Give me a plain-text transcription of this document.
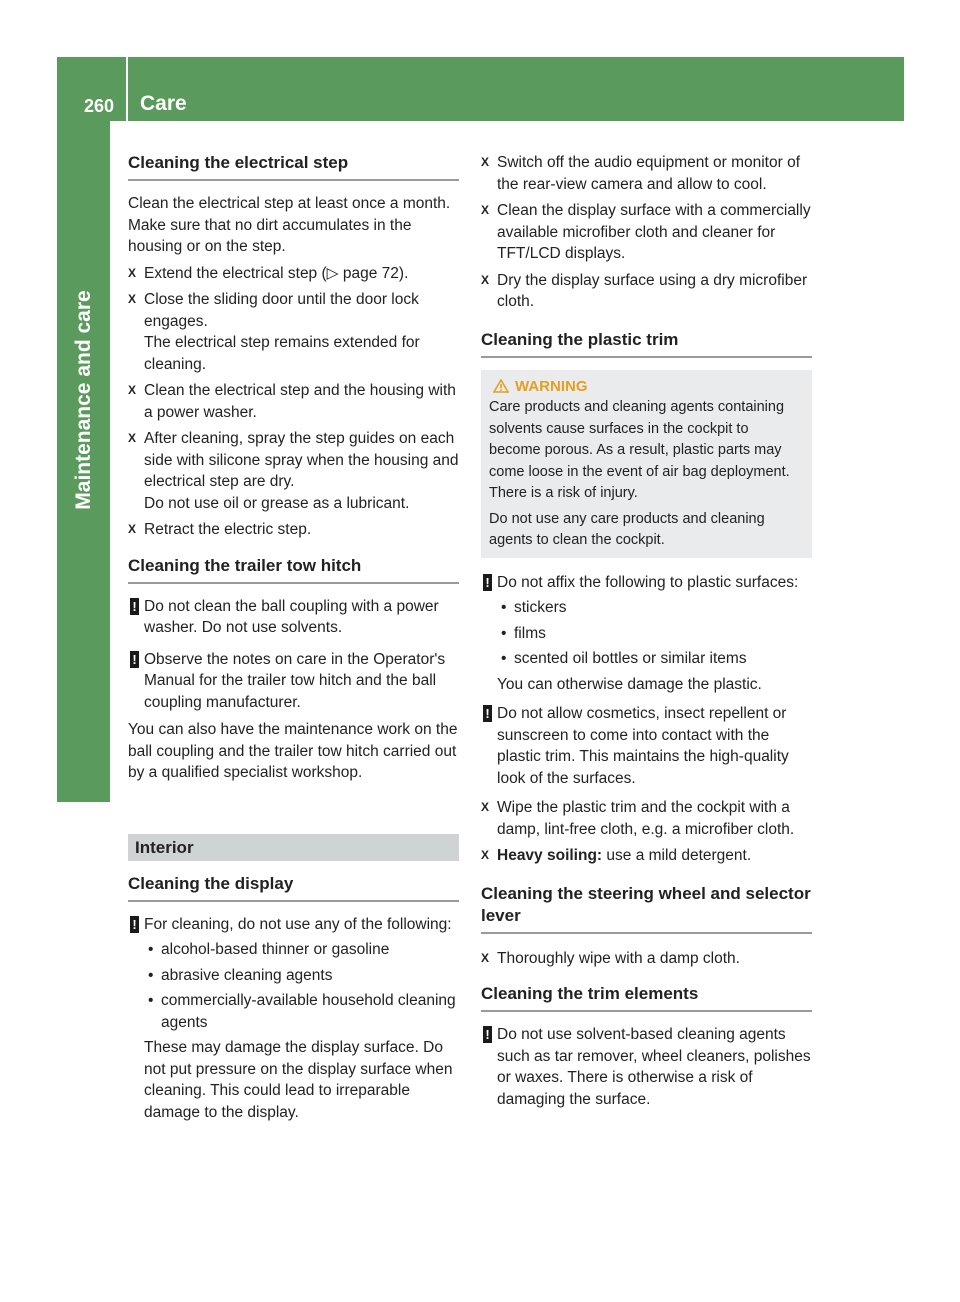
260 Care
Maintenance and care
Cleaning the electrical step

Clean the electrical step at least once a month. Make sure that no dirt accumulates in the housing or on the step.

X Extend the electrical step (▷ page 72).
X Close the sliding door until the door lock engages.
The electrical step remains extended for cleaning.
X Clean the electrical step and the housing with a power washer.
X After cleaning, spray the step guides on each side with silicone spray when the housing and electrical step are dry.
Do not use oil or grease as a lubricant.
X Retract the electric step.
Cleaning the trailer tow hitch
! Do not clean the ball coupling with a power washer. Do not use solvents.
! Observe the notes on care in the Operator's Manual for the trailer tow hitch and the ball coupling manufacturer.

You can also have the maintenance work on the ball coupling and the trailer tow hitch carried out by a qualified specialist workshop.

Interior
Cleaning the display
! For cleaning, do not use any of the following:
• alcohol-based thinner or gasoline
• abrasive cleaning agents
• commercially-available household cleaning agents
These may damage the display surface. Do not put pressure on the display surface when cleaning. This could lead to irreparable damage to the display.
X Switch off the audio equipment or monitor of the rear-view camera and allow to cool.
X Clean the display surface with a commercially available microfiber cloth and cleaner for TFT/LCD displays.
X Dry the display surface using a dry microfiber cloth.
Cleaning the plastic trim
WARNING
Care products and cleaning agents containing solvents cause surfaces in the cockpit to become porous. As a result, plastic parts may come loose in the event of air bag deployment. There is a risk of injury.
Do not use any care products and cleaning agents to clean the cockpit.
! Do not affix the following to plastic surfaces:
• stickers
• films
• scented oil bottles or similar items
You can otherwise damage the plastic.
! Do not allow cosmetics, insect repellent or sunscreen to come into contact with the plastic trim. This maintains the high-quality look of the surfaces.
X Wipe the plastic trim and the cockpit with a damp, lint-free cloth, e.g. a microfiber cloth.
X Heavy soiling: use a mild detergent.
Cleaning the steering wheel and selector lever
X Thoroughly wipe with a damp cloth.
Cleaning the trim elements
! Do not use solvent-based cleaning agents such as tar remover, wheel cleaners, polishes or waxes. There is otherwise a risk of damaging the surface.
